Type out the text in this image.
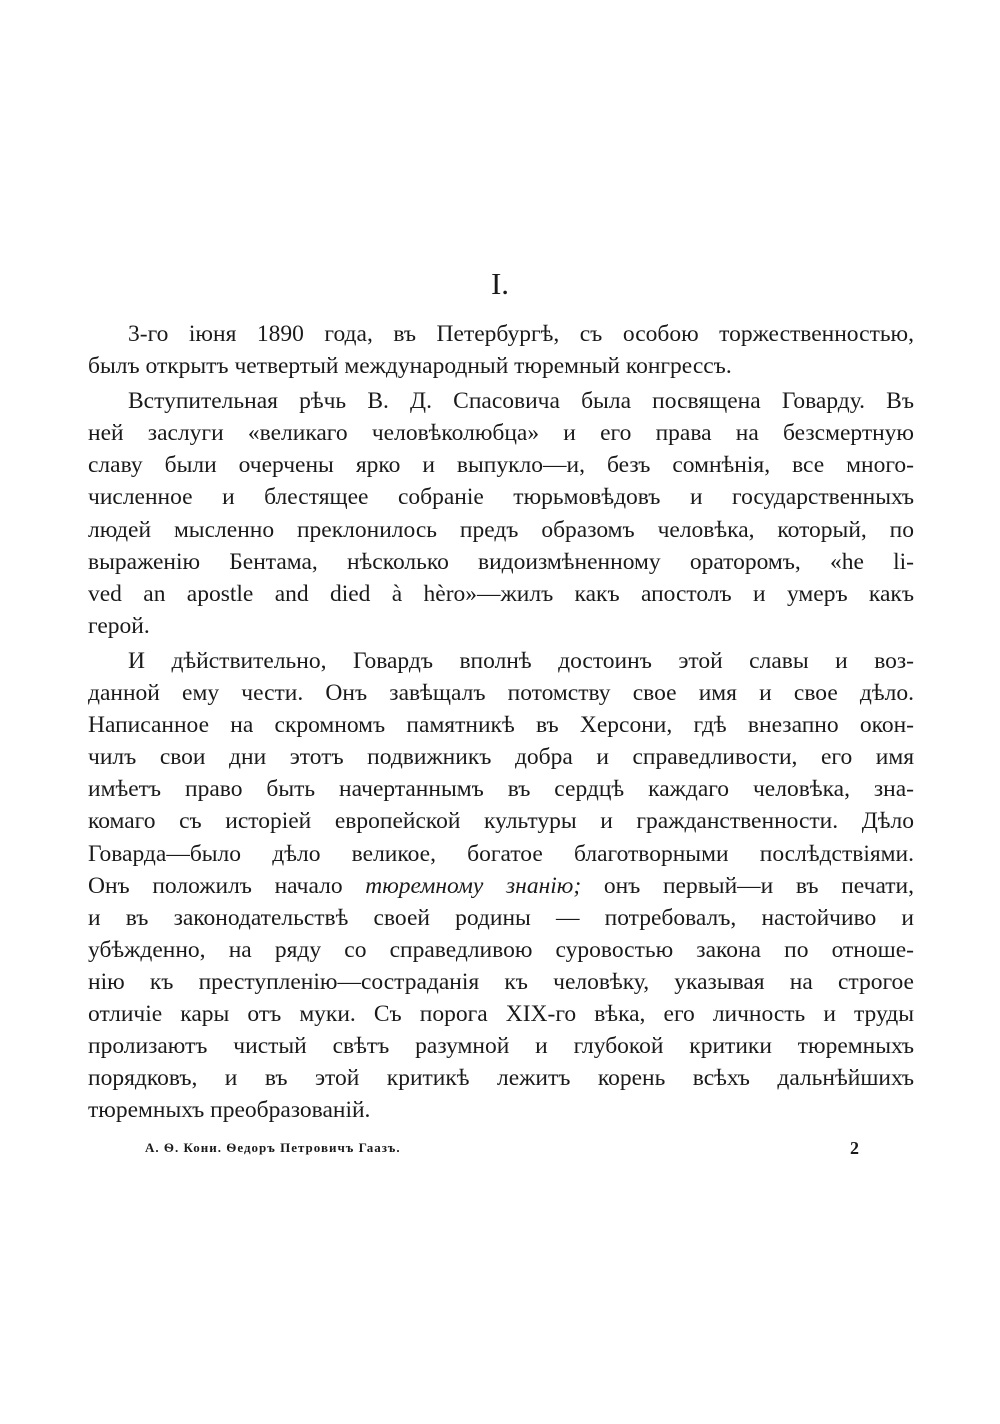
I.
3-го іюня 1890 года, въ Петербургѣ, съ особою торжественностью,
былъ открытъ четвертый международный тюремный конгрессъ.
Вступительная рѣчь В. Д. Спасовича была посвящена Говарду. Въ
ней заслуги «великаго человѣколюбца» и его права на безсмертную
славу были очерчены ярко и выпукло—и, безъ сомнѣнія, все много-
численное и блестящее собраніе тюрьмовѣдовъ и государственныхъ
людей мысленно преклонилось предъ образомъ человѣка, который, по
выраженію Бентама, нѣсколько видоизмѣненному ораторомъ, «he li-
ved an apostle and died à hèro»—жилъ какъ апостолъ и умеръ какъ
герой.
И дѣйствительно, Говардъ вполнѣ достоинъ этой славы и воз-
данной ему чести. Онъ завѣщалъ потомству свое имя и свое дѣло.
Написанное на скромномъ памятникѣ въ Херсони, гдѣ внезапно окон-
чилъ свои дни этотъ подвижникъ добра и справедливости, его имя
имѣетъ право быть начертаннымъ въ сердцѣ каждаго человѣка, зна-
комаго съ исторіей европейской культуры и гражданственности. Дѣло
Говарда—было дѣло великое, богатое благотворными послѣдствіями.
Онъ положилъ начало тюремному знанію; онъ первый—и въ печати,
и въ законодательствѣ своей родины — потребовалъ, настойчиво и
убѣжденно, на ряду со справедливою суровостью закона по отноше-
нію къ преступленію—состраданія къ человѣку, указывая на строгое
отличіе кары отъ муки. Съ порога XIX-го вѣка, его личность и труды
пролизаютъ чистый свѣтъ разумной и глубокой критики тюремныхъ
порядковъ, и въ этой критикѣ лежитъ корень всѣхъ дальнѣйшихъ
тюремныхъ преобразованій.
А. Ѳ. Кони. Ѳедоръ Петровичъ Гаазъ.	2
